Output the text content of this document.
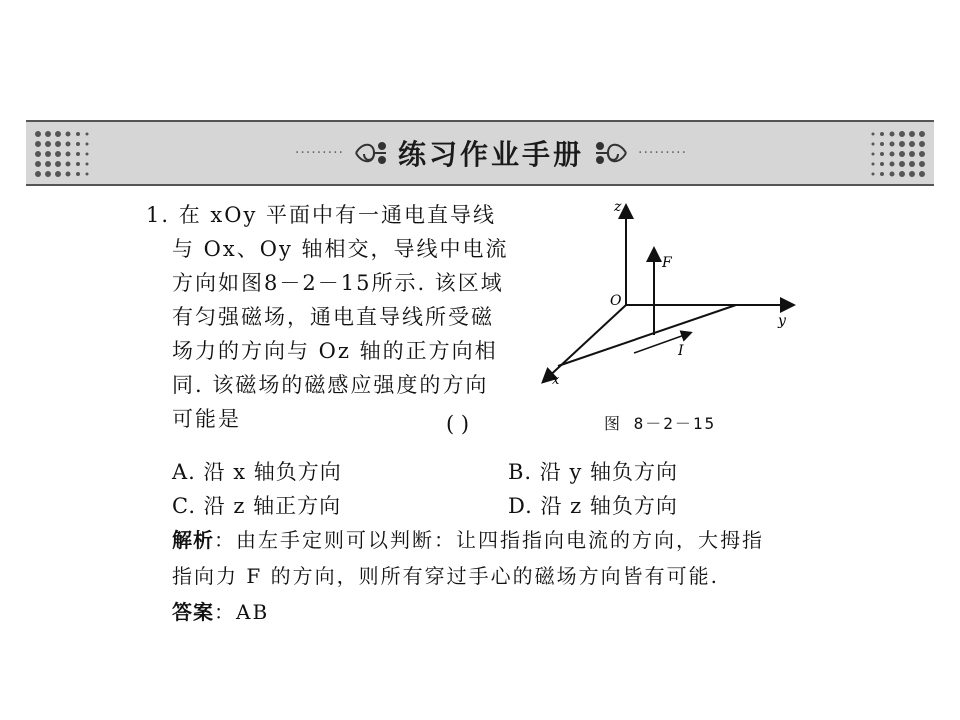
········· 练习作业手册	·········
1. 在 xOy 平面中有一通电直导线
与 Ox、Oy 轴相交，导线中电流
方向如图8－2－15所示. 该区域
有匀强磁场，通电直导线所受磁
场力的方向与 Oz 轴的正方向相
同. 该磁场的磁感应强度的方向
可能是	( )
z
y
x
O
F
I
图 8－2－15
A. 沿 x 轴负方向	B. 沿 y 轴负方向
C. 沿 z 轴正方向	D. 沿 z 轴负方向
解析：由左手定则可以判断：让四指指向电流的方向，大拇指
指向力 F 的方向，则所有穿过手心的磁场方向皆有可能.
答案：AB
